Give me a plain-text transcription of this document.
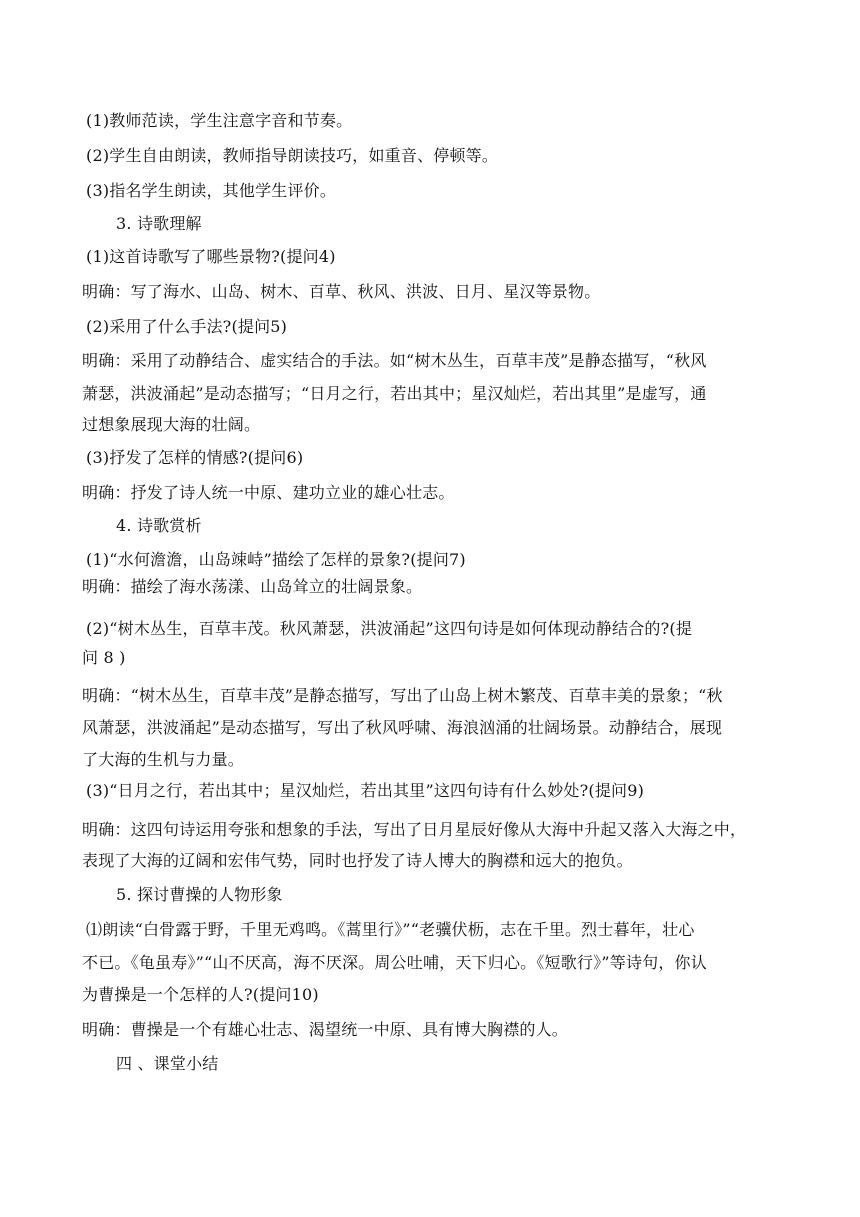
(1)教师范读，学生注意字音和节奏。
(2)学生自由朗读，教师指导朗读技巧，如重音、停顿等。
(3)指名学生朗读，其他学生评价。
3. 诗歌理解
(1)这首诗歌写了哪些景物?(提问4)
明确：写了海水、山岛、树木、百草、秋风、洪波、日月、星汉等景物。
(2)采用了什么手法?(提问5)
明确：采用了动静结合、虚实结合的手法。如“树木丛生，百草丰茂”是静态描写，“秋风
萧瑟，洪波涌起”是动态描写；“日月之行，若出其中；星汉灿烂，若出其里”是虚写，通
过想象展现大海的壮阔。
(3)抒发了怎样的情感?(提问6)
明确：抒发了诗人统一中原、建功立业的雄心壮志。
4. 诗歌赏析
(1)“水何澹澹，山岛竦峙”描绘了怎样的景象?(提问7)
明确：描绘了海水荡漾、山岛耸立的壮阔景象。
(2)“树木丛生，百草丰茂。秋风萧瑟，洪波涌起”这四句诗是如何体现动静结合的?(提
问 8 )
明确：“树木丛生，百草丰茂”是静态描写，写出了山岛上树木繁茂、百草丰美的景象；“秋
风萧瑟，洪波涌起”是动态描写，写出了秋风呼啸、海浪汹涌的壮阔场景。动静结合，展现
了大海的生机与力量。
(3)“日月之行，若出其中；星汉灿烂，若出其里”这四句诗有什么妙处?(提问9)
明确：这四句诗运用夸张和想象的手法，写出了日月星辰好像从大海中升起又落入大海之中，
表现了大海的辽阔和宏伟气势，同时也抒发了诗人博大的胸襟和远大的抱负。
5. 探讨曹操的人物形象
⑴朗读“白骨露于野，千里无鸡鸣。《蒿里行》”“老骥伏枥，志在千里。烈士暮年，壮心
不已。《龟虽寿》”“山不厌高，海不厌深。周公吐哺，天下归心。《短歌行》”等诗句，你认
为曹操是一个怎样的人?(提问10)
明确：曹操是一个有雄心壮志、渴望统一中原、具有博大胸襟的人。
四 、课堂小结
